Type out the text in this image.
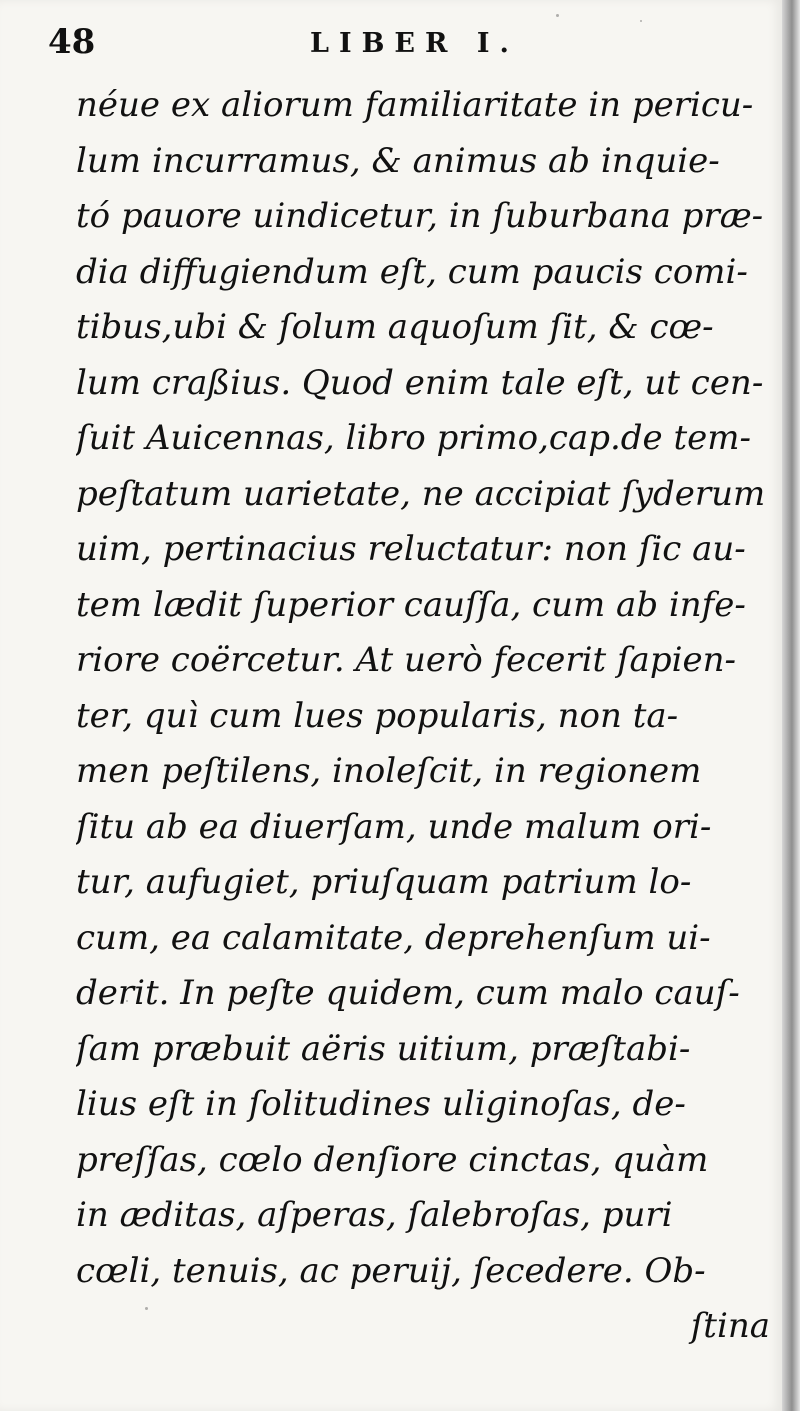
48	LIBER I.
néue ex aliorum familiaritate in pericu-
lum incurramus, & animus ab inquie-
tó pauore uindicetur, in ſuburbana præ-
dia diffugiendum eſt, cum paucis comi-
tibus,ubi & ſolum aquoſum ſit, & cœ-
lum craßius. Quod enim tale eſt, ut cen-
ſuit Auicennas, libro primo,cap.de tem-
peſtatum uarietate, ne accipiat ſyderum
uim, pertinacius reluctatur: non ſic au-
tem lædit ſuperior cauſſa, cum ab infe-
riore coërcetur. At uerò fecerit ſapien-
ter, quì cum lues popularis, non ta-
men peſtilens, inoleſcit, in regionem
ſitu ab ea diuerſam, unde malum ori-
tur, aufugiet, priuſquam patrium lo-
cum, ea calamitate, deprehenſum ui-
derit. In peſte quidem, cum malo cauſ-
ſam præbuit aëris uitium, præſtabi-
lius eſt in ſolitudines uliginoſas, de-
preſſas, cœlo denſiore cinctas, quàm
in æditas, aſperas, ſalebroſas, puri
cœli, tenuis, ac peruij, ſecedere. Ob-
ſtina
